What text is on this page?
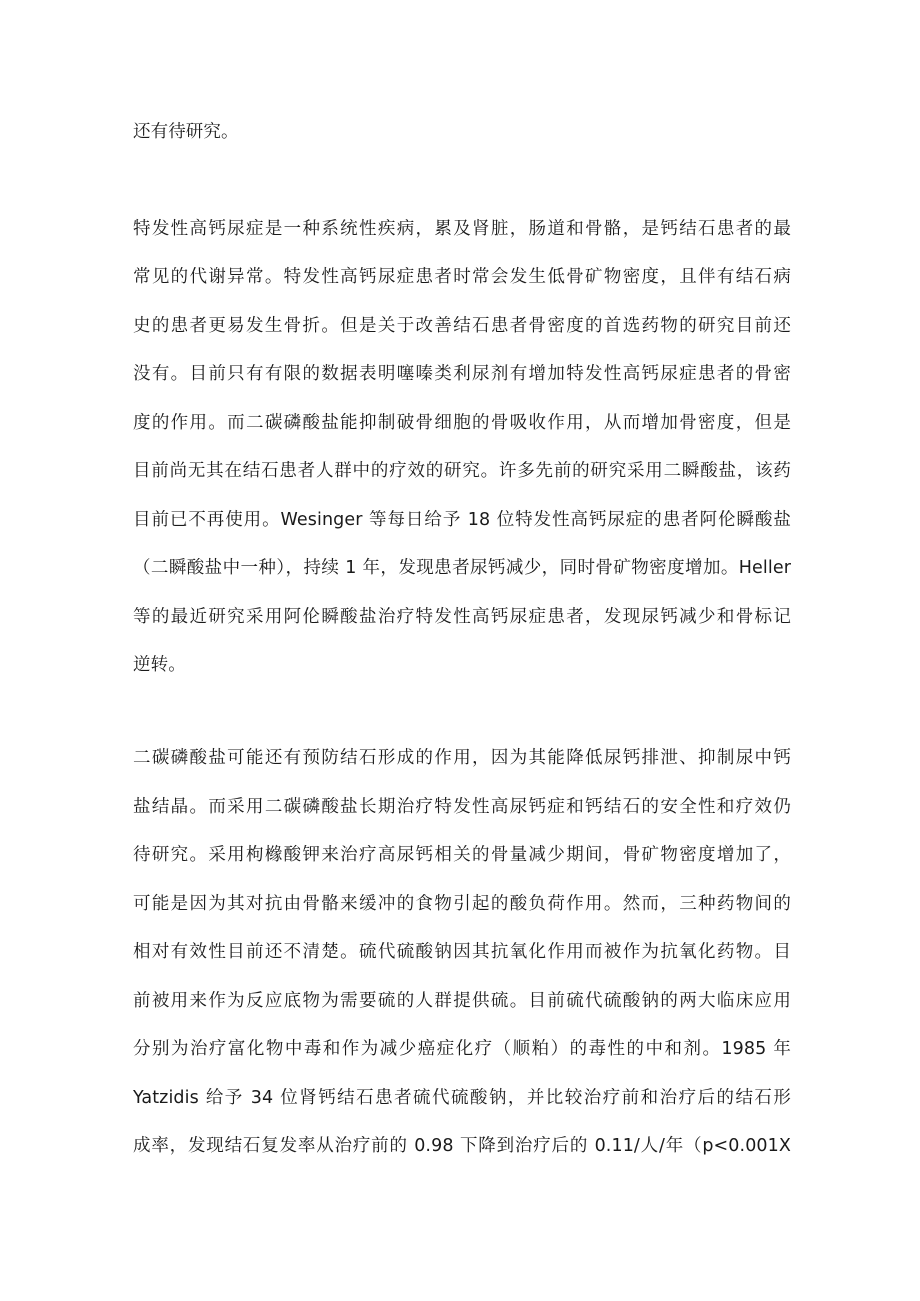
还有待研究。
特发性高钙尿症是一种系统性疾病，累及肾脏，肠道和骨骼，是钙结石患者的最
常见的代谢异常。特发性高钙尿症患者时常会发生低骨矿物密度，且伴有结石病
史的患者更易发生骨折。但是关于改善结石患者骨密度的首选药物的研究目前还
没有。目前只有有限的数据表明噻嗪类利尿剂有增加特发性高钙尿症患者的骨密
度的作用。而二碳磷酸盐能抑制破骨细胞的骨吸收作用，从而增加骨密度，但是
目前尚无其在结石患者人群中的疗效的研究。许多先前的研究采用二瞬酸盐，该药
目前已不再使用。Wesinger 等每日给予 18 位特发性高钙尿症的患者阿伦瞬酸盐
（二瞬酸盐中一种），持续 1 年，发现患者尿钙减少，同时骨矿物密度增加。Heller
等的最近研究采用阿伦瞬酸盐治疗特发性高钙尿症患者，发现尿钙减少和骨标记
逆转。
二碳磷酸盐可能还有预防结石形成的作用，因为其能降低尿钙排泄、抑制尿中钙
盐结晶。而采用二碳磷酸盐长期治疗特发性高尿钙症和钙结石的安全性和疗效仍
待研究。采用枸橼酸钾来治疗高尿钙相关的骨量减少期间，骨矿物密度增加了，
可能是因为其对抗由骨骼来缓冲的食物引起的酸负荷作用。然而，三种药物间的
相对有效性目前还不清楚。硫代硫酸钠因其抗氧化作用而被作为抗氧化药物。目
前被用来作为反应底物为需要硫的人群提供硫。目前硫代硫酸钠的两大临床应用
分别为治疗富化物中毒和作为减少癌症化疗（顺粕）的毒性的中和剂。1985 年
Yatzidis 给予 34 位肾钙结石患者硫代硫酸钠，并比较治疗前和治疗后的结石形
成率，发现结石复发率从治疗前的 0.98 下降到治疗后的 0.11/人/年（p<0.001X
